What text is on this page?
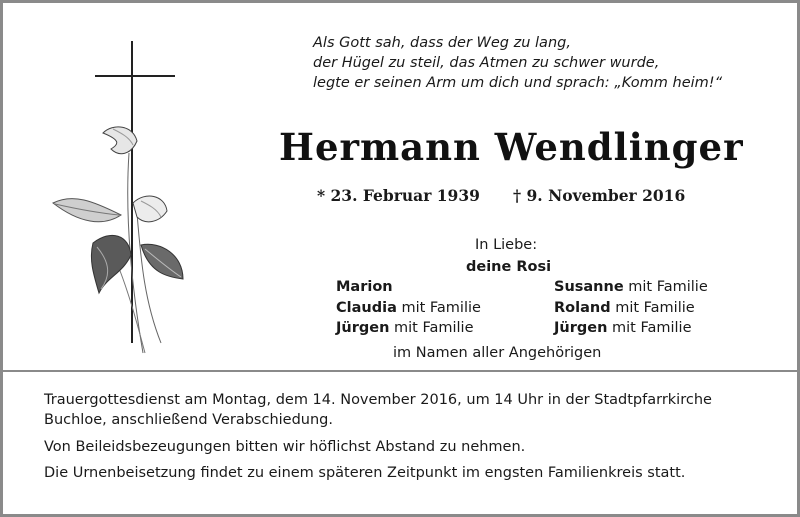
Als Gott sah, dass der Weg zu lang,
der Hügel zu steil, das Atmen zu schwer wurde,
legte er seinen Arm um dich und sprach: „Komm heim!“
Hermann Wendlinger
* 23. Februar 1939 † 9. November 2016
In Liebe:
deine Rosi
Marion
Claudia mit Familie
Jürgen mit Familie
Susanne mit Familie
Roland mit Familie
Jürgen mit Familie
im Namen aller Angehörigen
Trauergottesdienst am Montag, dem 14. November 2016, um 14 Uhr in der Stadtpfarrkirche
Buchloe, anschließend Verabschiedung.
Von Beileidsbezeugungen bitten wir höflichst Abstand zu nehmen.
Die Urnenbeisetzung findet zu einem späteren Zeitpunkt im engsten Familienkreis statt.
